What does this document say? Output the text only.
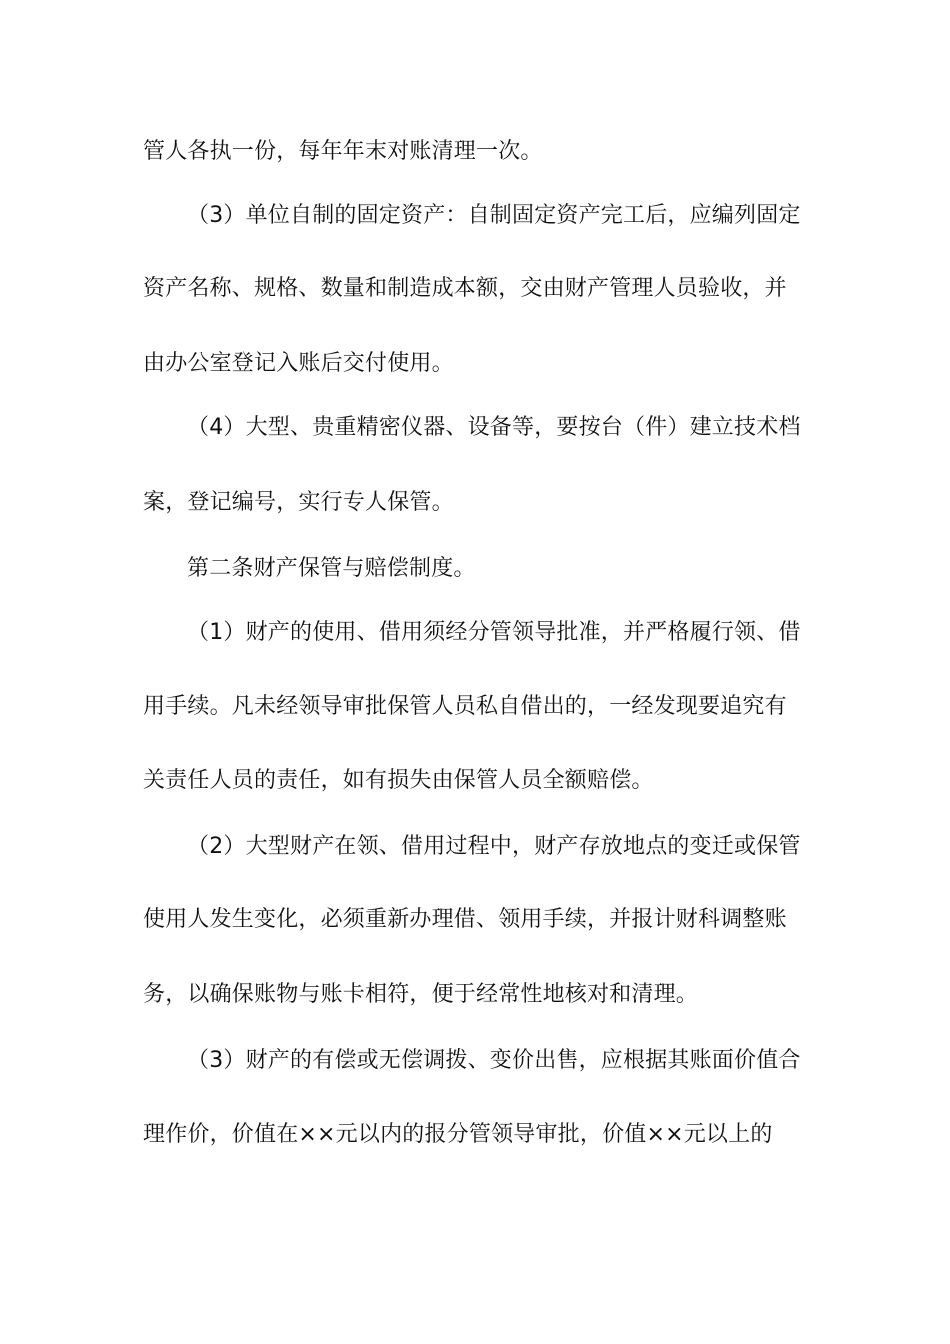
管人各执一份，每年年末对账清理一次。
（3）单位自制的固定资产：自制固定资产完工后，应编列固定
资产名称、规格、数量和制造成本额，交由财产管理人员验收，并
由办公室登记入账后交付使用。
（4）大型、贵重精密仪器、设备等，要按台（件）建立技术档
案，登记编号，实行专人保管。
第二条财产保管与赔偿制度。
（1）财产的使用、借用须经分管领导批准，并严格履行领、借
用手续。凡未经领导审批保管人员私自借出的，一经发现要追究有
关责任人员的责任，如有损失由保管人员全额赔偿。
（2）大型财产在领、借用过程中，财产存放地点的变迁或保管
使用人发生变化，必须重新办理借、领用手续，并报计财科调整账
务，以确保账物与账卡相符，便于经常性地核对和清理。
（3）财产的有偿或无偿调拨、变价出售，应根据其账面价值合
理作价，价值在××元以内的报分管领导审批，价值××元以上的
